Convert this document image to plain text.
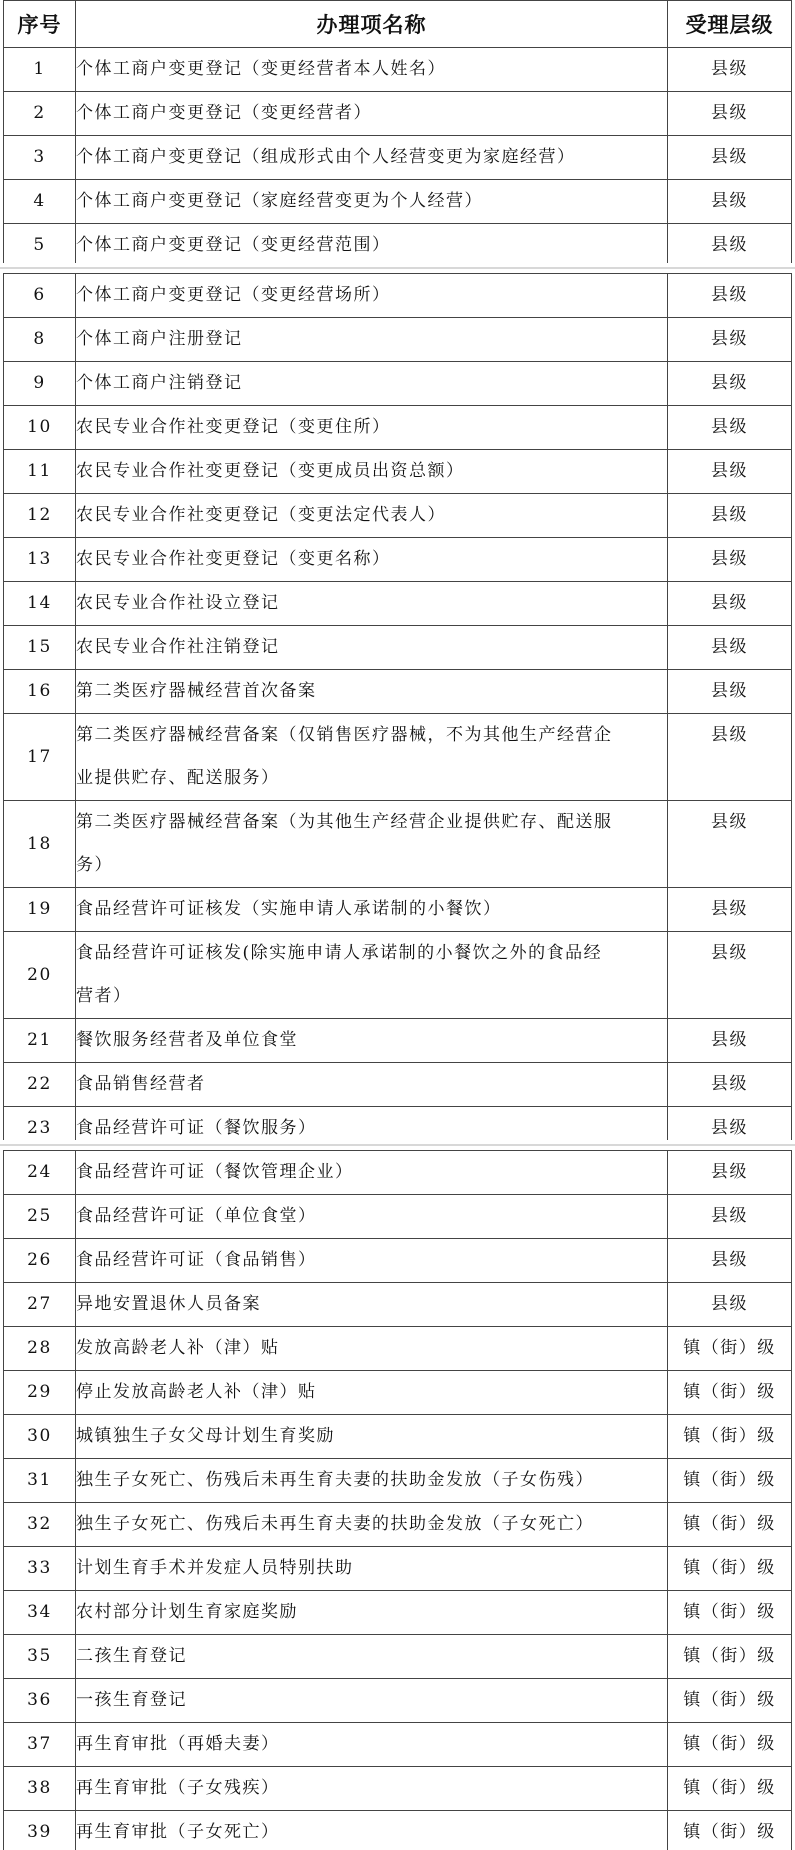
序号	办理项名称	受理层级
1	个体工商户变更登记（变更经营者本人姓名）	县级
2	个体工商户变更登记（变更经营者）	县级
3	个体工商户变更登记（组成形式由个人经营变更为家庭经营）	县级
4	个体工商户变更登记（家庭经营变更为个人经营）	县级
5	个体工商户变更登记（变更经营范围）	县级
6	个体工商户变更登记（变更经营场所）	县级
8	个体工商户注册登记	县级
9	个体工商户注销登记	县级
10	农民专业合作社变更登记（变更住所）	县级
11	农民专业合作社变更登记（变更成员出资总额）	县级
12	农民专业合作社变更登记（变更法定代表人）	县级
13	农民专业合作社变更登记（变更名称）	县级
14	农民专业合作社设立登记	县级
15	农民专业合作社注销登记	县级
16	第二类医疗器械经营首次备案	县级
17	第二类医疗器械经营备案（仅销售医疗器械，不为其他生产经营企
业提供贮存、配送服务）	县级
18	第二类医疗器械经营备案（为其他生产经营企业提供贮存、配送服
务）	县级
19	食品经营许可证核发（实施申请人承诺制的小餐饮）	县级
20	食品经营许可证核发(除实施申请人承诺制的小餐饮之外的食品经
营者）	县级
21	餐饮服务经营者及单位食堂	县级
22	食品销售经营者	县级
23	食品经营许可证（餐饮服务）	县级
24	食品经营许可证（餐饮管理企业）	县级
25	食品经营许可证（单位食堂）	县级
26	食品经营许可证（食品销售）	县级
27	异地安置退休人员备案	县级
28	发放高龄老人补（津）贴	镇（街）级
29	停止发放高龄老人补（津）贴	镇（街）级
30	城镇独生子女父母计划生育奖励	镇（街）级
31	独生子女死亡、伤残后未再生育夫妻的扶助金发放（子女伤残）	镇（街）级
32	独生子女死亡、伤残后未再生育夫妻的扶助金发放（子女死亡）	镇（街）级
33	计划生育手术并发症人员特别扶助	镇（街）级
34	农村部分计划生育家庭奖励	镇（街）级
35	二孩生育登记	镇（街）级
36	一孩生育登记	镇（街）级
37	再生育审批（再婚夫妻）	镇（街）级
38	再生育审批（子女残疾）	镇（街）级
39	再生育审批（子女死亡）	镇（街）级
